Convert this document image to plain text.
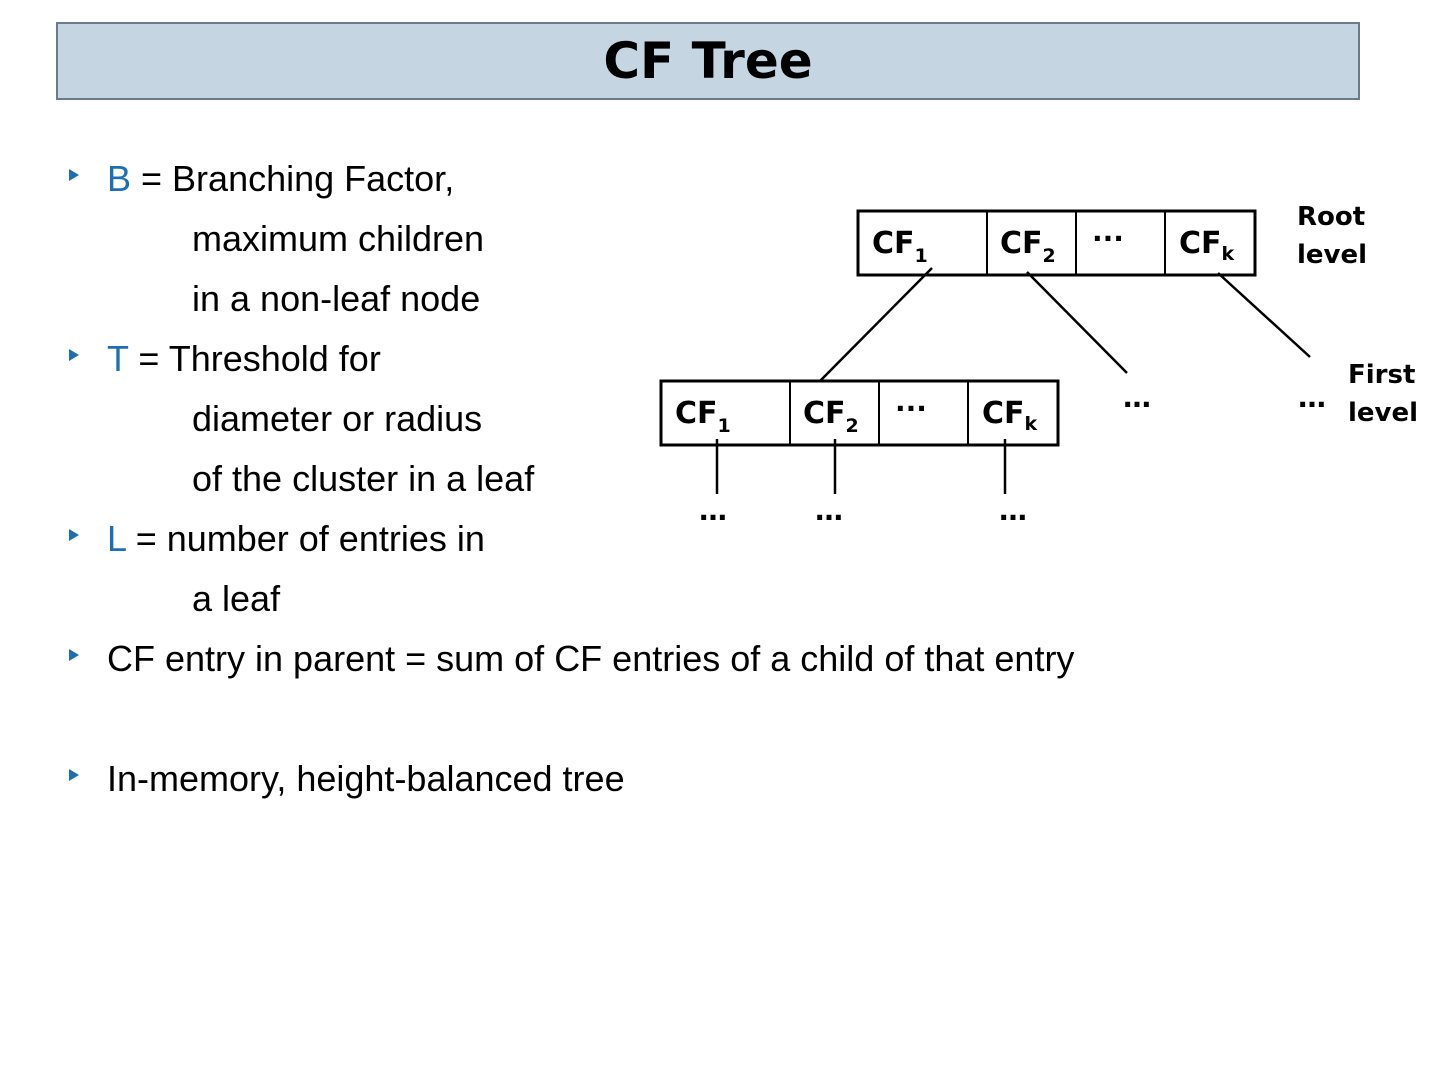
CF Tree
B = Branching Factor,
maximum children
in a non-leaf node
T = Threshold for
diameter or radius
of the cluster in a leaf
L = number of entries in
a leaf
CF entry in parent = sum of CF entries of a child of that entry
In-memory, height-balanced tree
$CF_1$ $CF_2$
··· $CF_k$
…	…
$CF_1$ $CF_2$
··· $CF_k$
…	…	…
Root
level
First
level
